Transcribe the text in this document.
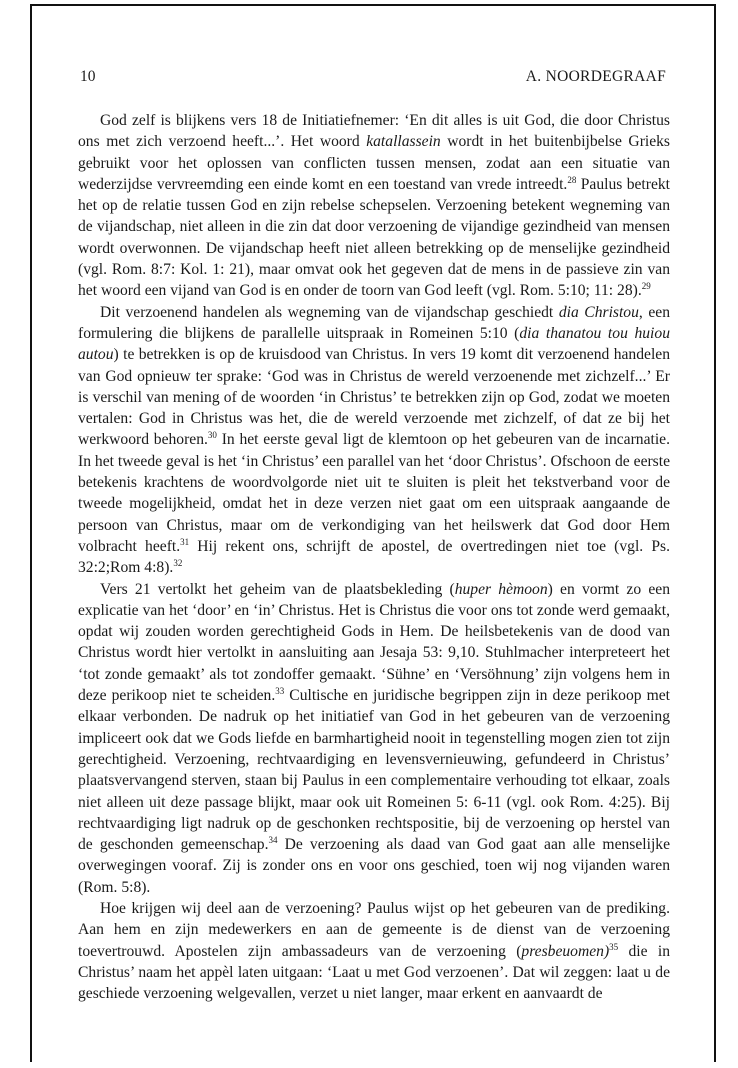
10	A. NOORDEGRAAF

God zelf is blijkens vers 18 de Initiatiefnemer: ‘En dit alles is uit God, die door Christus ons met zich verzoend heeft...’. Het woord katallassein wordt in het buitenbijbelse Grieks gebruikt voor het oplossen van conflicten tussen mensen, zodat aan een situatie van wederzijdse vervreemding een einde komt en een toestand van vrede intreedt.$^{28}$ Paulus betrekt het op de relatie tussen God en zijn rebelse schepselen. Verzoening betekent wegneming van de vijandschap, niet alleen in die zin dat door verzoening de vijandige gezindheid van mensen wordt overwonnen. De vijandschap heeft niet alleen betrekking op de menselijke gezindheid (vgl. Rom. 8:7: Kol. 1: 21), maar omvat ook het gegeven dat de mens in de passieve zin van het woord een vijand van God is en onder de toorn van God leeft (vgl. Rom. 5:10; 11: 28).$^{29}$

Dit verzoenend handelen als wegneming van de vijandschap geschiedt dia Christou, een formulering die blijkens de parallelle uitspraak in Romeinen 5:10 (dia thanatou tou huiou autou) te betrekken is op de kruisdood van Christus. In vers 19 komt dit verzoenend handelen van God opnieuw ter sprake: ‘God was in Christus de wereld verzoenende met zichzelf...’ Er is verschil van mening of de woorden ‘in Christus’ te betrekken zijn op God, zodat we moeten vertalen: God in Christus was het, die de wereld verzoende met zichzelf, of dat ze bij het werkwoord behoren.$^{30}$ In het eerste geval ligt de klemtoon op het gebeuren van de incarnatie. In het tweede geval is het ‘in Christus’ een parallel van het ‘door Christus’. Ofschoon de eerste betekenis krachtens de woordvolgorde niet uit te sluiten is pleit het tekstverband voor de tweede mogelijkheid, omdat het in deze verzen niet gaat om een uitspraak aangaande de persoon van Christus, maar om de verkondiging van het heilswerk dat God door Hem volbracht heeft.$^{31}$ Hij rekent ons, schrijft de apostel, de overtredingen niet toe (vgl. Ps. 32:2;Rom 4:8).$^{32}$

Vers 21 vertolkt het geheim van de plaatsbekleding (huper hèmoon) en vormt zo een explicatie van het ‘door’ en ‘in’ Christus. Het is Christus die voor ons tot zonde werd gemaakt, opdat wij zouden worden gerechtigheid Gods in Hem. De heilsbetekenis van de dood van Christus wordt hier vertolkt in aansluiting aan Jesaja 53: 9,10. Stuhlmacher interpreteert het ‘tot zonde gemaakt’ als tot zondoffer gemaakt. ‘Sühne’ en ‘Versöhnung’ zijn volgens hem in deze perikoop niet te scheiden.$^{33}$ Cultische en juridische begrippen zijn in deze perikoop met elkaar verbonden. De nadruk op het initiatief van God in het gebeuren van de verzoening impliceert ook dat we Gods liefde en barmhartigheid nooit in tegenstelling mogen zien tot zijn gerechtigheid. Verzoening, rechtvaardiging en levensvernieuwing, gefundeerd in Christus’ plaatsvervangend sterven, staan bij Paulus in een complementaire verhouding tot elkaar, zoals niet alleen uit deze passage blijkt, maar ook uit Romeinen 5: 6-11 (vgl. ook Rom. 4:25). Bij rechtvaardiging ligt nadruk op de geschonken rechtspositie, bij de verzoening op herstel van de geschonden gemeenschap.$^{34}$ De verzoening als daad van God gaat aan alle menselijke overwegingen vooraf. Zij is zonder ons en voor ons geschied, toen wij nog vijanden waren (Rom. 5:8).

Hoe krijgen wij deel aan de verzoening? Paulus wijst op het gebeuren van de prediking. Aan hem en zijn medewerkers en aan de gemeente is de dienst van de verzoening toevertrouwd. Apostelen zijn ambassadeurs van de verzoening (presbeuomen)$^{35}$ die in Christus’ naam het appèl laten uitgaan: ‘Laat u met God verzoenen’. Dat wil zeggen: laat u de geschiede verzoening welgevallen, verzet u niet langer, maar erkent en aanvaardt de
